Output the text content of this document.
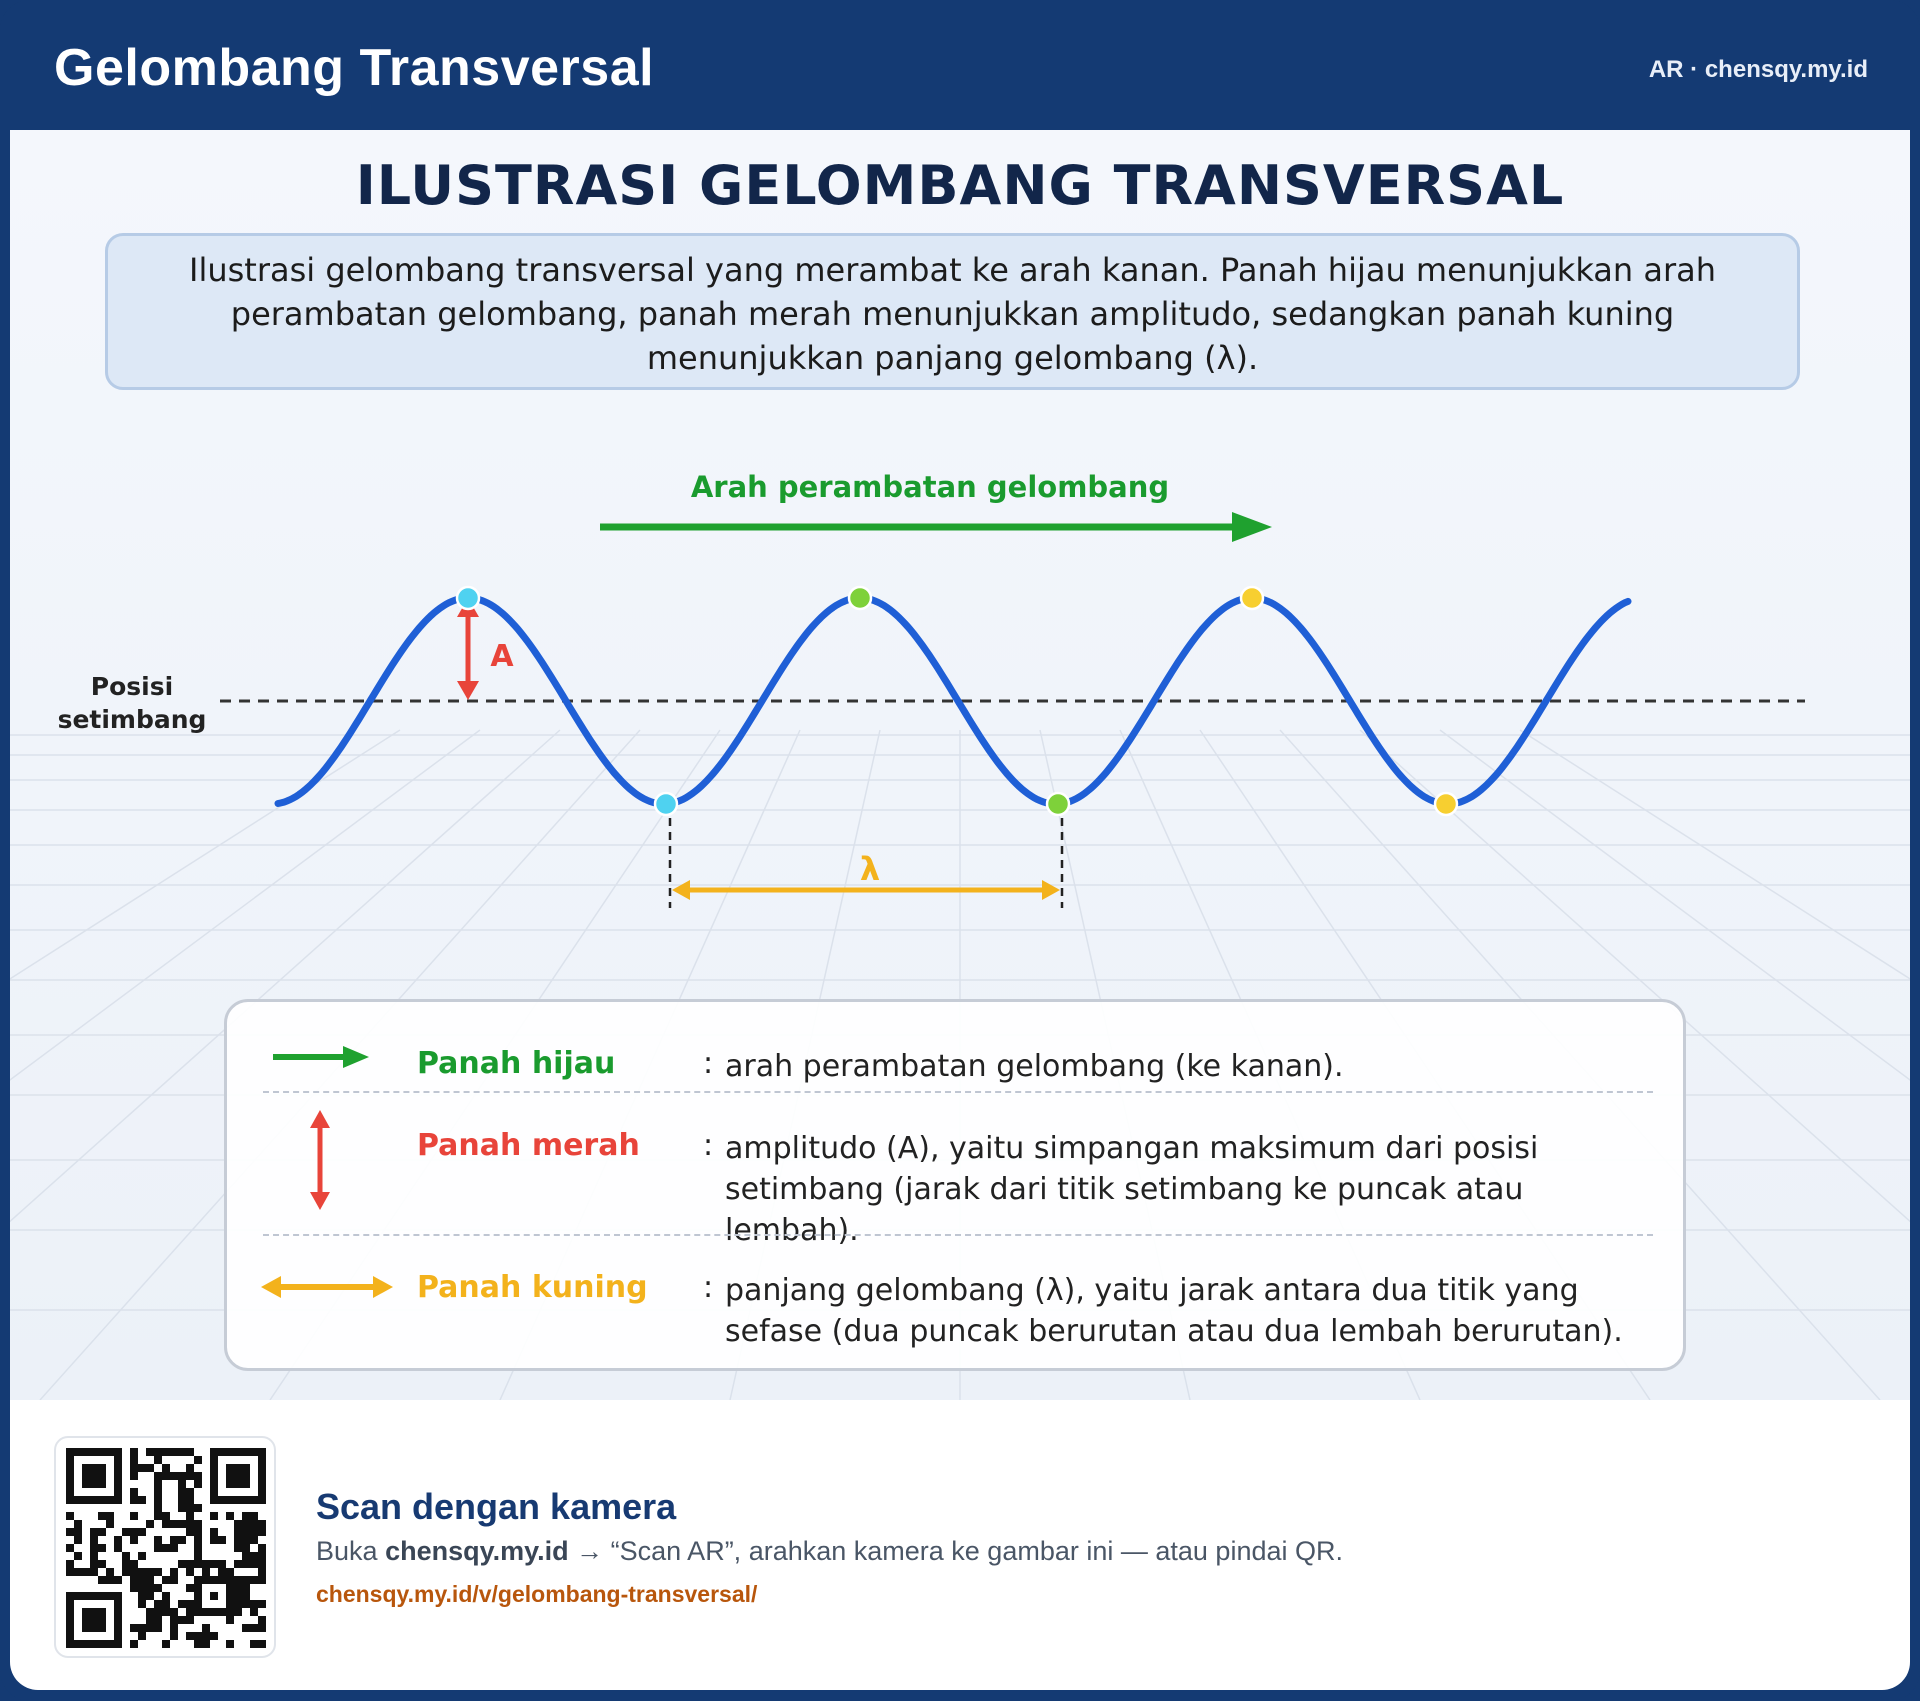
Gelombang Transversal	AR · chensqy.my.id
Posisi
setimbang
Arah perambatan gelombang
A
λ
ILUSTRASI GELOMBANG TRANSVERSAL
Ilustrasi gelombang transversal yang merambat ke arah kanan. Panah hijau menunjukkan arah perambatan gelombang, panah merah menunjukkan amplitudo, sedangkan panah kuning menunjukkan panjang gelombang (λ).
Panah hijau	: arah perambatan gelombang (ke kanan).
Panah merah : amplitudo (A), yaitu simpangan maksimum dari posisi setimbang (jarak dari titik setimbang ke puncak atau lembah).
Panah kuning : panjang gelombang (λ), yaitu jarak antara dua titik yang sefase (dua puncak berurutan atau dua lembah berurutan).
Scan dengan kamera
Buka chensqy.my.id → “Scan AR”, arahkan kamera ke gambar ini — atau pindai QR.
chensqy.my.id/v/gelombang-transversal/
